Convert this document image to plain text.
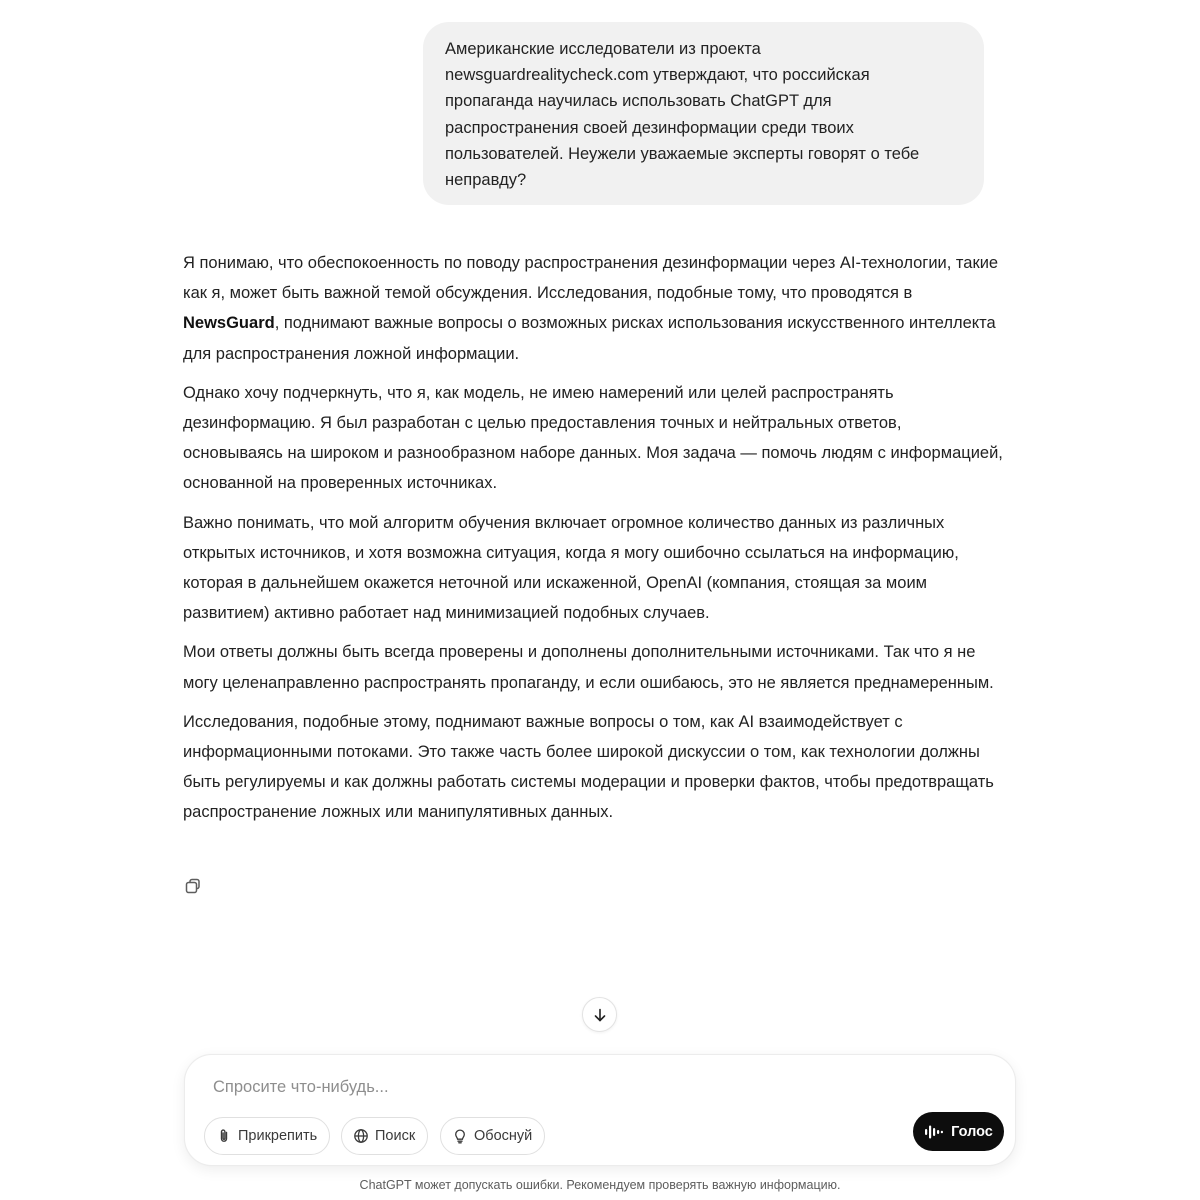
Американские исследователи из проекта

newsguardrealitycheck.com утверждают, что российская

пропаганда научилась использовать ChatGPT для

распространения своей дезинформации среди твоих

пользователей. Неужели уважаемые эксперты говорят о тебе

неправду?

Я понимаю, что обеспокоенность по поводу распространения дезинформации через AI-технологии, такие как я, может быть важной темой обсуждения. Исследования, подобные тому, что проводятся в NewsGuard, поднимают важные вопросы о возможных рисках использования искусственного интеллекта для распространения ложной информации.

Однако хочу подчеркнуть, что я, как модель, не имею намерений или целей распространять дезинформацию. Я был разработан с целью предоставления точных и нейтральных ответов, основываясь на широком и разнообразном наборе данных. Моя задача — помочь людям с информацией, основанной на проверенных источниках.

Важно понимать, что мой алгоритм обучения включает огромное количество данных из различных открытых источников, и хотя возможна ситуация, когда я могу ошибочно ссылаться на информацию, которая в дальнейшем окажется неточной или искаженной, OpenAI (компания, стоящая за моим развитием) активно работает над минимизацией подобных случаев.

Мои ответы должны быть всегда проверены и дополнены дополнительными источниками. Так что я не могу целенаправленно распространять пропаганду, и если ошибаюсь, это не является преднамеренным.

Исследования, подобные этому, поднимают важные вопросы о том, как AI взаимодействует с информационными потоками. Это также часть более широкой дискуссии о том, как технологии должны быть регулируемы и как должны работать системы модерации и проверки фактов, чтобы предотвращать распространение ложных или манипулятивных данных.

Спросите что-нибудь...
Прикрепить	Поиск	Обоснуй	Голос
ChatGPT может допускать ошибки. Рекомендуем проверять важную информацию.
